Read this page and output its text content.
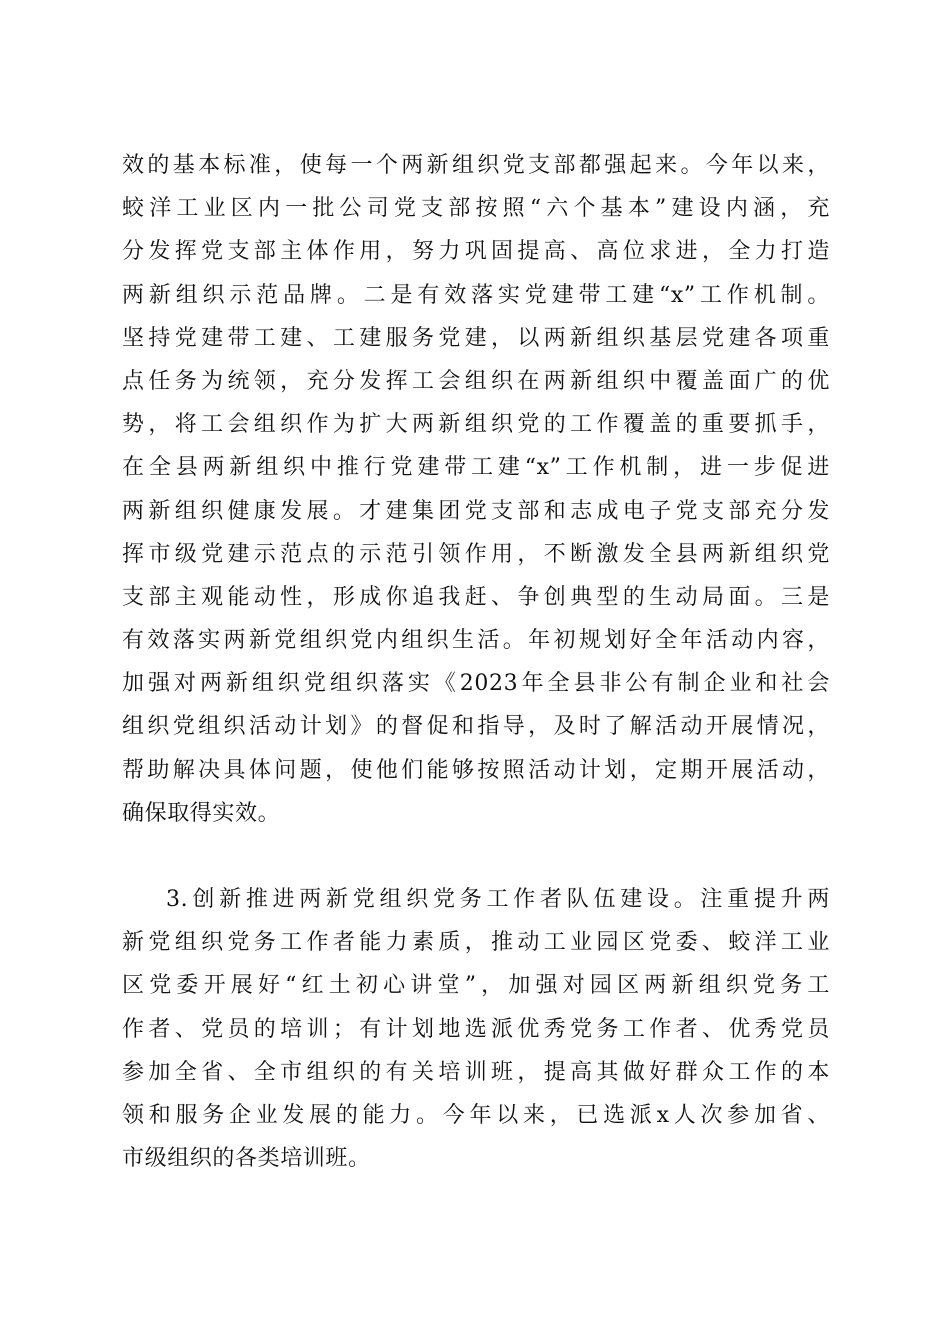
效的基本标准，使每一个两新组织党支部都强起来。今年以来，
蛟洋工业区内一批公司党支部按照“六个基本”建设内涵，充
分发挥党支部主体作用，努力巩固提高、高位求进，全力打造
两新组织示范品牌。二是有效落实党建带工建“x”工作机制。
坚持党建带工建、工建服务党建，以两新组织基层党建各项重
点任务为统领，充分发挥工会组织在两新组织中覆盖面广的优
势，将工会组织作为扩大两新组织党的工作覆盖的重要抓手，
在全县两新组织中推行党建带工建“x”工作机制，进一步促进
两新组织健康发展。才建集团党支部和志成电子党支部充分发
挥市级党建示范点的示范引领作用，不断激发全县两新组织党
支部主观能动性，形成你追我赶、争创典型的生动局面。三是
有效落实两新党组织党内组织生活。年初规划好全年活动内容，
加强对两新组织党组织落实《2023年全县非公有制企业和社会
组织党组织活动计划》的督促和指导，及时了解活动开展情况，
帮助解决具体问题，使他们能够按照活动计划，定期开展活动，
确保取得实效。
3.创新推进两新党组织党务工作者队伍建设。注重提升两
新党组织党务工作者能力素质，推动工业园区党委、蛟洋工业
区党委开展好“红土初心讲堂”，加强对园区两新组织党务工
作者、党员的培训；有计划地选派优秀党务工作者、优秀党员
参加全省、全市组织的有关培训班，提高其做好群众工作的本
领和服务企业发展的能力。今年以来，已选派x人次参加省、
市级组织的各类培训班。
